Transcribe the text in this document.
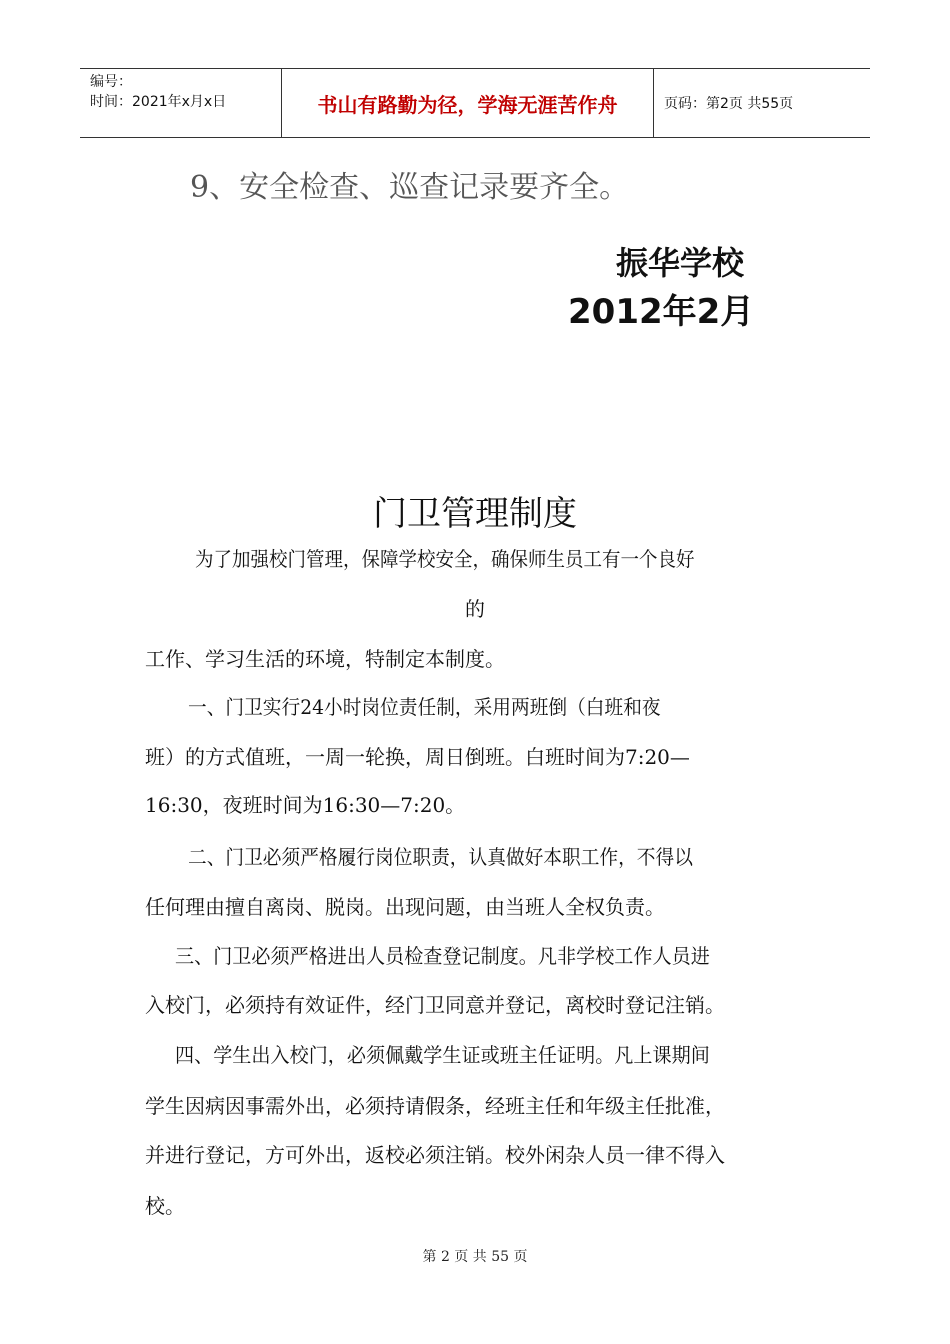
编号：
时间：2021年x月x日	书山有路勤为径，学海无涯苦作舟	页码：第2页 共55页
9、安全检查、巡查记录要齐全。
振华学校
2012年2月
门卫管理制度
为了加强校门管理，保障学校安全，确保师生员工有一个良好
的
工作、学习生活的环境，特制定本制度。
一、门卫实行24小时岗位责任制，采用两班倒（白班和夜
班）的方式值班，一周一轮换，周日倒班。白班时间为7:20—
16:30，夜班时间为16:30—7:20。
二、门卫必须严格履行岗位职责，认真做好本职工作，不得以
任何理由擅自离岗、脱岗。出现问题，由当班人全权负责。
三、门卫必须严格进出人员检查登记制度。凡非学校工作人员进
入校门，必须持有效证件，经门卫同意并登记，离校时登记注销。
四、学生出入校门，必须佩戴学生证或班主任证明。凡上课期间
学生因病因事需外出，必须持请假条，经班主任和年级主任批准，
并进行登记，方可外出，返校必须注销。校外闲杂人员一律不得入
校。
第 2 页 共 55 页
